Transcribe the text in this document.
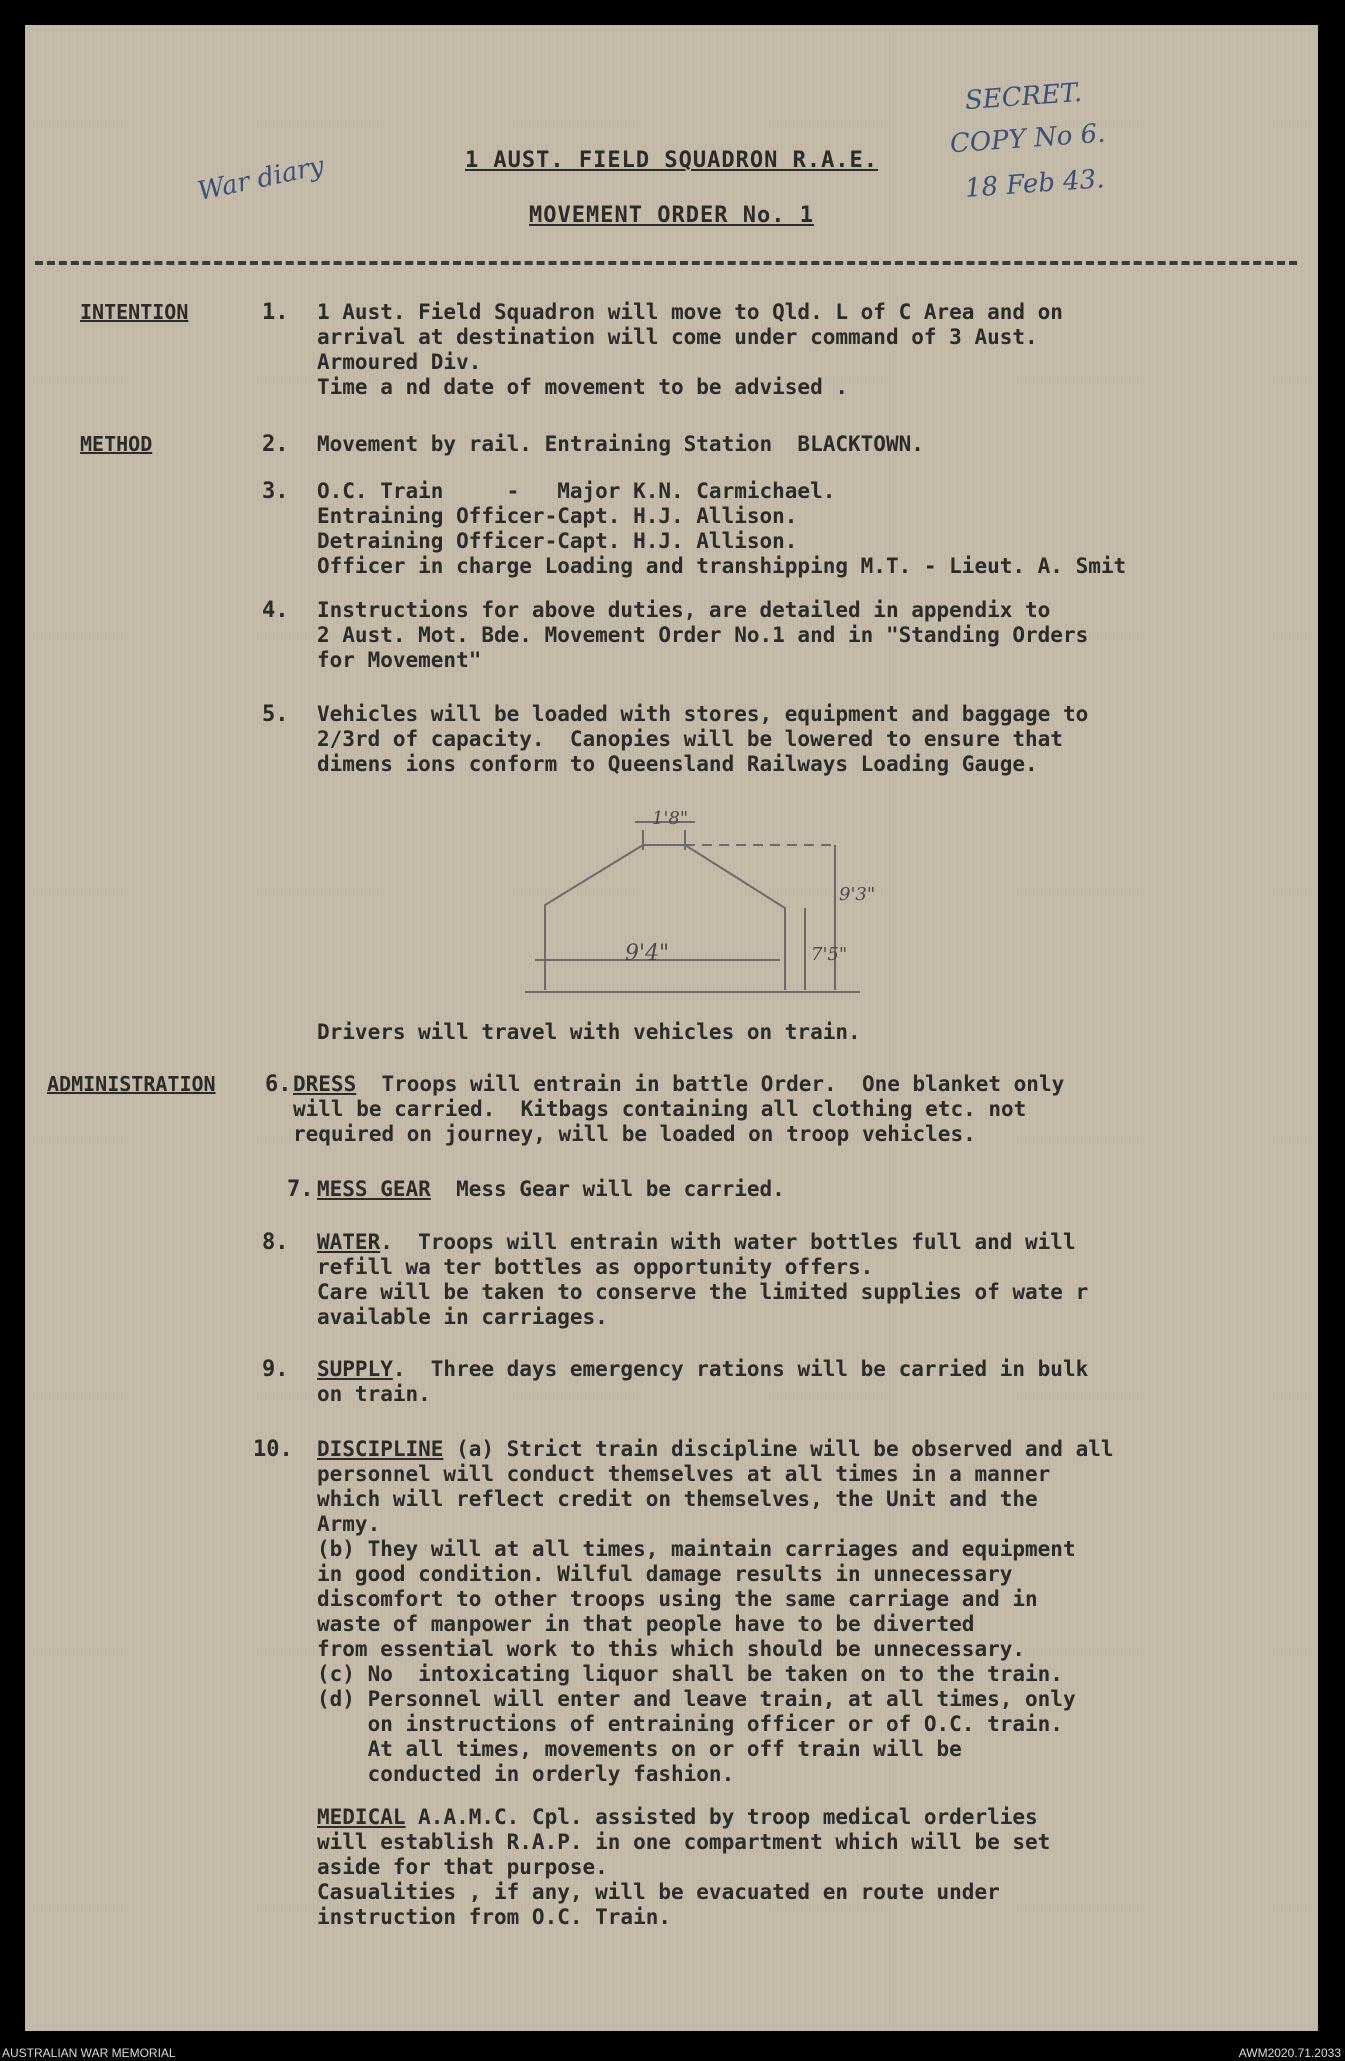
War diary
SECRET.
COPY No 6.
18 Feb 43.
1 AUST. FIELD SQUADRON R.A.E.
MOVEMENT ORDER No. 1
INTENTION	1. 1 Aust. Field Squadron will move to Qld. L of C Area and on
arrival at destination will come under command of 3 Aust.
Armoured Div.
Time a nd date of movement to be advised .
METHOD	2. Movement by rail. Entraining Station  BLACKTOWN.
3. O.C. Train     -   Major K.N. Carmichael.
Entraining Officer-Capt. H.J. Allison.
Detraining Officer-Capt. H.J. Allison.
Officer in charge Loading and transhipping M.T. - Lieut. A. Smit
4. Instructions for above duties, are detailed in appendix to
2 Aust. Mot. Bde. Movement Order No.1 and in "Standing Orders
for Movement"
5. Vehicles will be loaded with stores, equipment and baggage to
2/3rd of capacity.  Canopies will be lowered to ensure that
dimens ions conform to Queensland Railways Loading Gauge.
1'8"
9'4"	7'5"
9'3"
Drivers will travel with vehicles on train.
ADMINISTRATION 6. DRESS  Troops will entrain in battle Order.  One blanket only
will be carried.  Kitbags containing all clothing etc. not
required on journey, will be loaded on troop vehicles.
7. MESS GEAR  Mess Gear will be carried.
8. WATER.  Troops will entrain with water bottles full and will
refill wa ter bottles as opportunity offers.
Care will be taken to conserve the limited supplies of wate r
available in carriages.
9. SUPPLY.  Three days emergency rations will be carried in bulk
on train.
10. DISCIPLINE (a) Strict train discipline will be observed and all
personnel will conduct themselves at all times in a manner
which will reflect credit on themselves, the Unit and the
Army.
(b) They will at all times, maintain carriages and equipment
in good condition. Wilful damage results in unnecessary
discomfort to other troops using the same carriage and in
waste of manpower in that people have to be diverted
from essential work to this which should be unnecessary.
(c) No  intoxicating liquor shall be taken on to the train.
(d) Personnel will enter and leave train, at all times, only
on instructions of entraining officer or of O.C. train.
At all times, movements on or off train will be
conducted in orderly fashion.
MEDICAL A.A.M.C. Cpl. assisted by troop medical orderlies
will establish R.A.P. in one compartment which will be set
aside for that purpose.
Casualities , if any, will be evacuated en route under
instruction from O.C. Train.
AUSTRALIAN WAR MEMORIAL	AWM2020.71.2033
